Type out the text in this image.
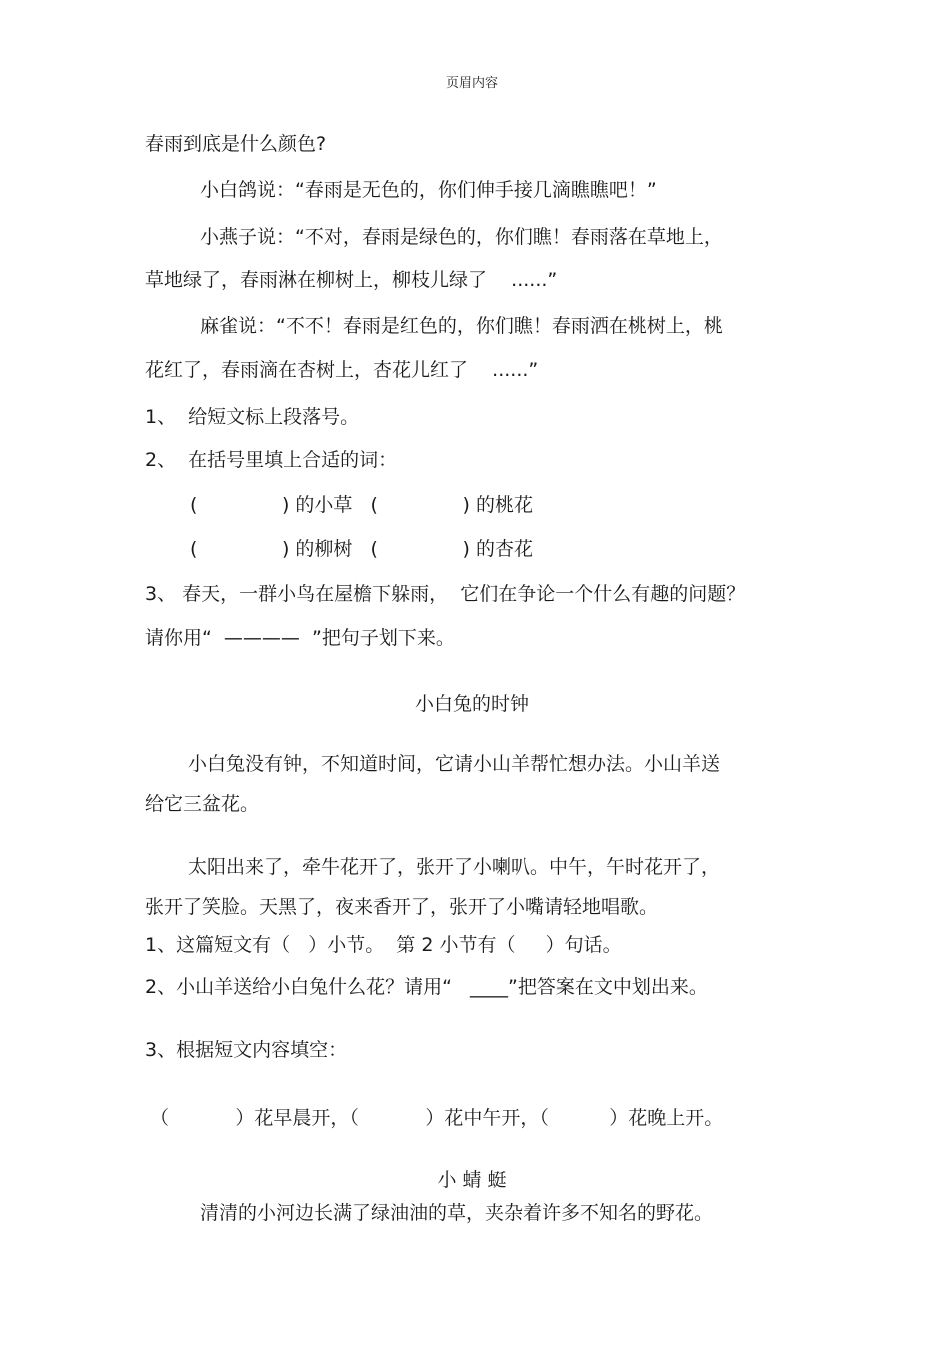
页眉内容
春雨到底是什么颜色?
小白鸽说：“春雨是无色的，你们伸手接几滴瞧瞧吧！”
小燕子说：“不对，春雨是绿色的，你们瞧！春雨落在草地上，
草地绿了，春雨淋在柳树上，柳枝儿绿了    ......”
麻雀说：“不不！春雨是红色的，你们瞧！春雨洒在桃树上，桃
花红了，春雨滴在杏树上，杏花儿红了    ......”
1、  给短文标上段落号。
2、  在括号里填上合适的词：
(              ) 的小草   (              ) 的桃花
(              ) 的柳树   (              ) 的杏花
3、 春天，一群小鸟在屋檐下躲雨，  它们在争论一个什么有趣的问题？
请你用“  ————  ”把句子划下来。
小白兔的时钟
小白兔没有钟，不知道时间，它请小山羊帮忙想办法。小山羊送
给它三盆花。
太阳出来了，牵牛花开了，张开了小喇叭。中午，午时花开了，
张开了笑脸。天黑了，夜来香开了，张开了小嘴请轻地唱歌。
1、这篇短文有（   ）小节。  第 2 小节有（     ）句话。
2、小山羊送给小白兔什么花？请用“   ____”把答案在文中划出来。
3、根据短文内容填空：
（           ）花早晨开，（           ）花中午开，（          ）花晚上开。
小 蜻 蜓
清清的小河边长满了绿油油的草，夹杂着许多不知名的野花。
